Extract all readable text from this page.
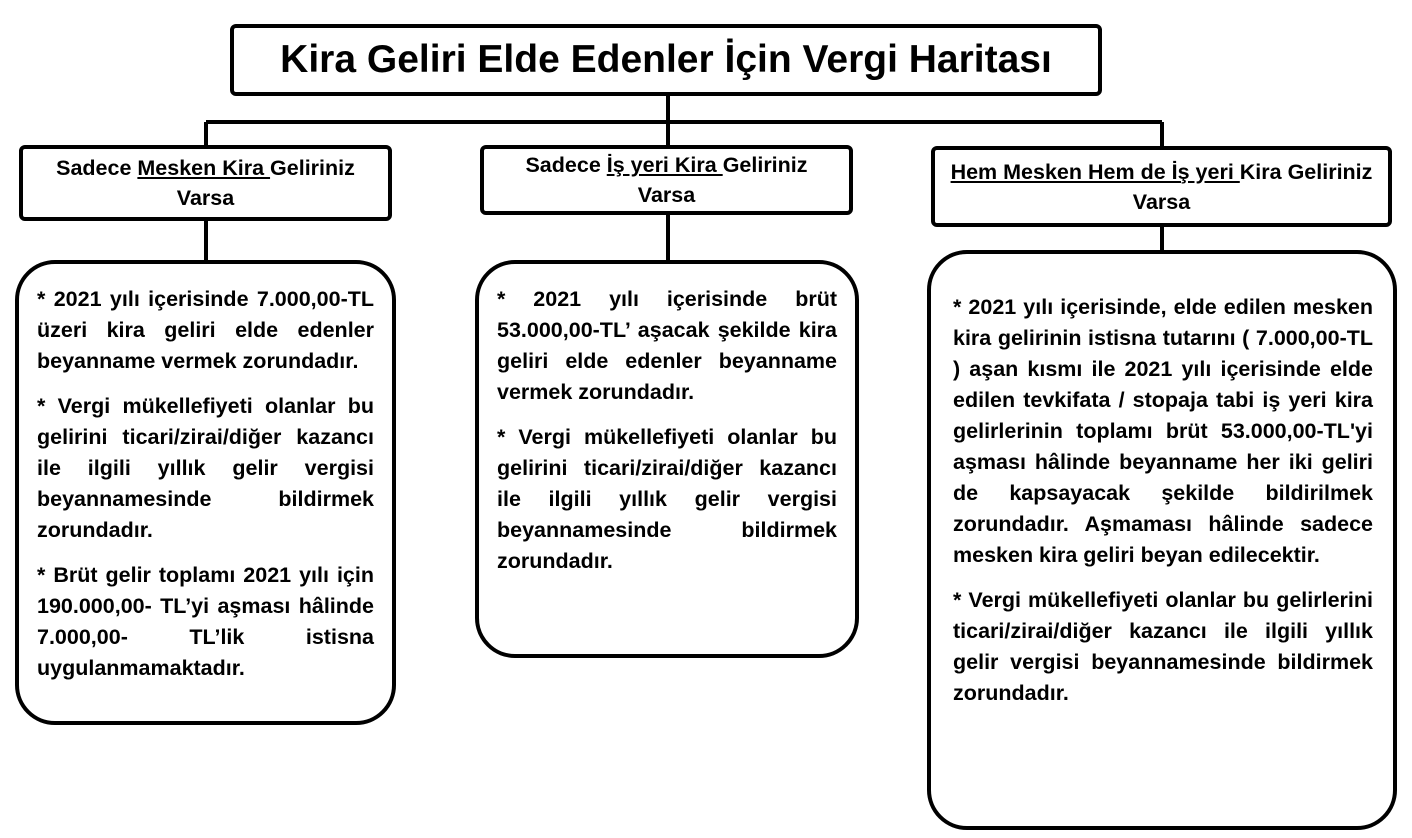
Kira Geliri Elde Edenler İçin Vergi Haritası
Sadece Mesken Kira Geliriniz Varsa
Sadece İş yeri Kira Geliriniz Varsa
Hem Mesken Hem de İş yeri Kira Geliriniz Varsa

* 2021 yılı içerisinde 7.000,00-TL üzeri kira geliri elde edenler beyanname vermek zorundadır.

* Vergi mükellefiyeti olanlar bu gelirini ticari/zirai/diğer kazancı ile ilgili yıllık gelir vergisi beyannamesinde bildirmek zorundadır.

* Brüt gelir toplamı 2021 yılı için 190.000,00- TL’yi aşması hâlinde 7.000,00- TL’lik istisna uygulanmamaktadır.

* 2021 yılı içerisinde brüt 53.000,00-TL’ aşacak şekilde kira geliri elde edenler beyanname vermek zorundadır.

* Vergi mükellefiyeti olanlar bu gelirini ticari/zirai/diğer kazancı ile ilgili yıllık gelir vergisi beyannamesinde bildirmek zorundadır.

* 2021 yılı içerisinde, elde edilen mesken kira gelirinin istisna tutarını ( 7.000,00-TL ) aşan kısmı ile 2021 yılı içerisinde elde edilen tevkifata / stopaja tabi iş yeri kira gelirlerinin toplamı brüt 53.000,00-TL'yi aşması hâlinde beyanname her iki geliri de kapsayacak şekilde bildirilmek zorundadır. Aşmaması hâlinde sadece mesken kira geliri beyan edilecektir.

* Vergi mükellefiyeti olanlar bu gelirlerini ticari/zirai/diğer kazancı ile ilgili yıllık gelir vergisi beyannamesinde bildirmek zorundadır.
